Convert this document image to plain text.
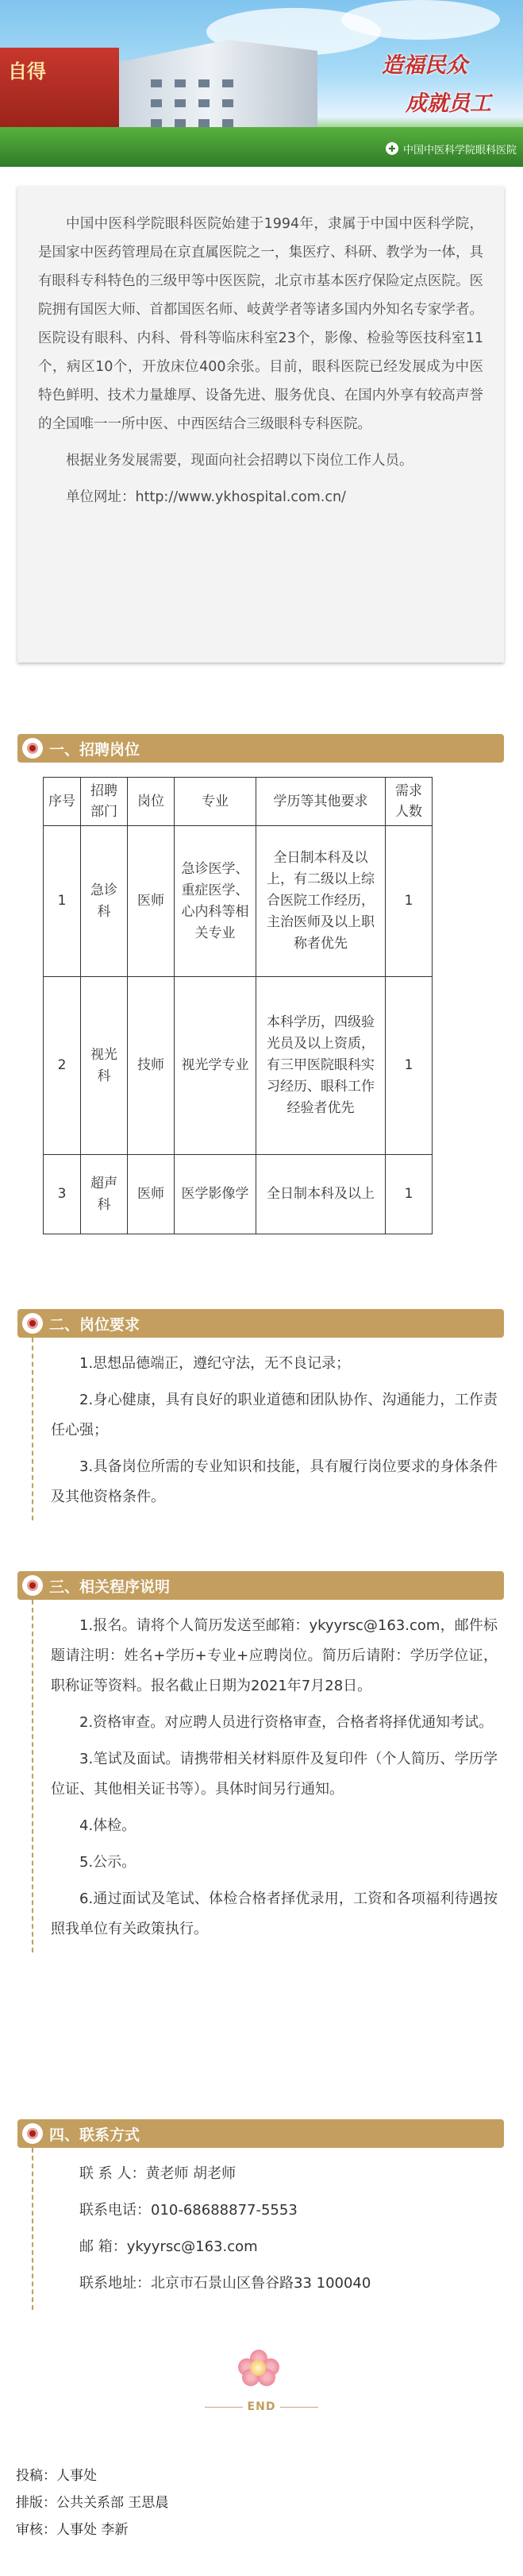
自得	造福民众
成就员工
✚ 中国中医科学院眼科医院

中国中医科学院眼科医院始建于1994年，隶属于中国中医科学院，是国家中医药管理局在京直属医院之一，集医疗、科研、教学为一体，具有眼科专科特色的三级甲等中医医院，北京市基本医疗保险定点医院。医院拥有国医大师、首都国医名师、岐黄学者等诸多国内外知名专家学者。医院设有眼科、内科、骨科等临床科室23个，影像、检验等医技科室11个，病区10个，开放床位400余张。目前，眼科医院已经发展成为中医特色鲜明、技术力量雄厚、设备先进、服务优良、在国内外享有较高声誉的全国唯一一所中医、中西医结合三级眼科专科医院。

根据业务发展需要，现面向社会招聘以下岗位工作人员。

单位网址：http://www.ykhospital.com.cn/

一、招聘岗位
序号	招聘部门	岗位	专业	学历等其他要求	需求人数
1	急诊科	医师	急诊医学、重症医学、心内科等相关专业	全日制本科及以上，有二级以上综合医院工作经历，主治医师及以上职称者优先	1
2	视光科	技师	视光学专业	本科学历，四级验光员及以上资质，有三甲医院眼科实习经历、眼科工作经验者优先	1
3	超声科	医师	医学影像学	全日制本科及以上	1
二、岗位要求

1.思想品德端正，遵纪守法，无不良记录；

2.身心健康，具有良好的职业道德和团队协作、沟通能力，工作责任心强；

3.具备岗位所需的专业知识和技能，具有履行岗位要求的身体条件及其他资格条件。

三、相关程序说明

1.报名。请将个人简历发送至邮箱：ykyyrsc@163.com，邮件标题请注明：姓名+学历+专业+应聘岗位。简历后请附：学历学位证，职称证等资料。报名截止日期为2021年7月28日。

2.资格审查。对应聘人员进行资格审查，合格者将择优通知考试。

3.笔试及面试。请携带相关材料原件及复印件（个人简历、学历学位证、其他相关证书等）。具体时间另行通知。

4.体检。

5.公示。

6.通过面试及笔试、体检合格者择优录用，工资和各项福利待遇按照我单位有关政策执行。

四、联系方式
联 系 人：黄老师 胡老师
联系电话：010-68688877-5553
邮 箱：ykyyrsc@163.com
联系地址：北京市石景山区鲁谷路33 100040
END
投稿：人事处
排版：公共关系部 王思晨
审核：人事处 李新
